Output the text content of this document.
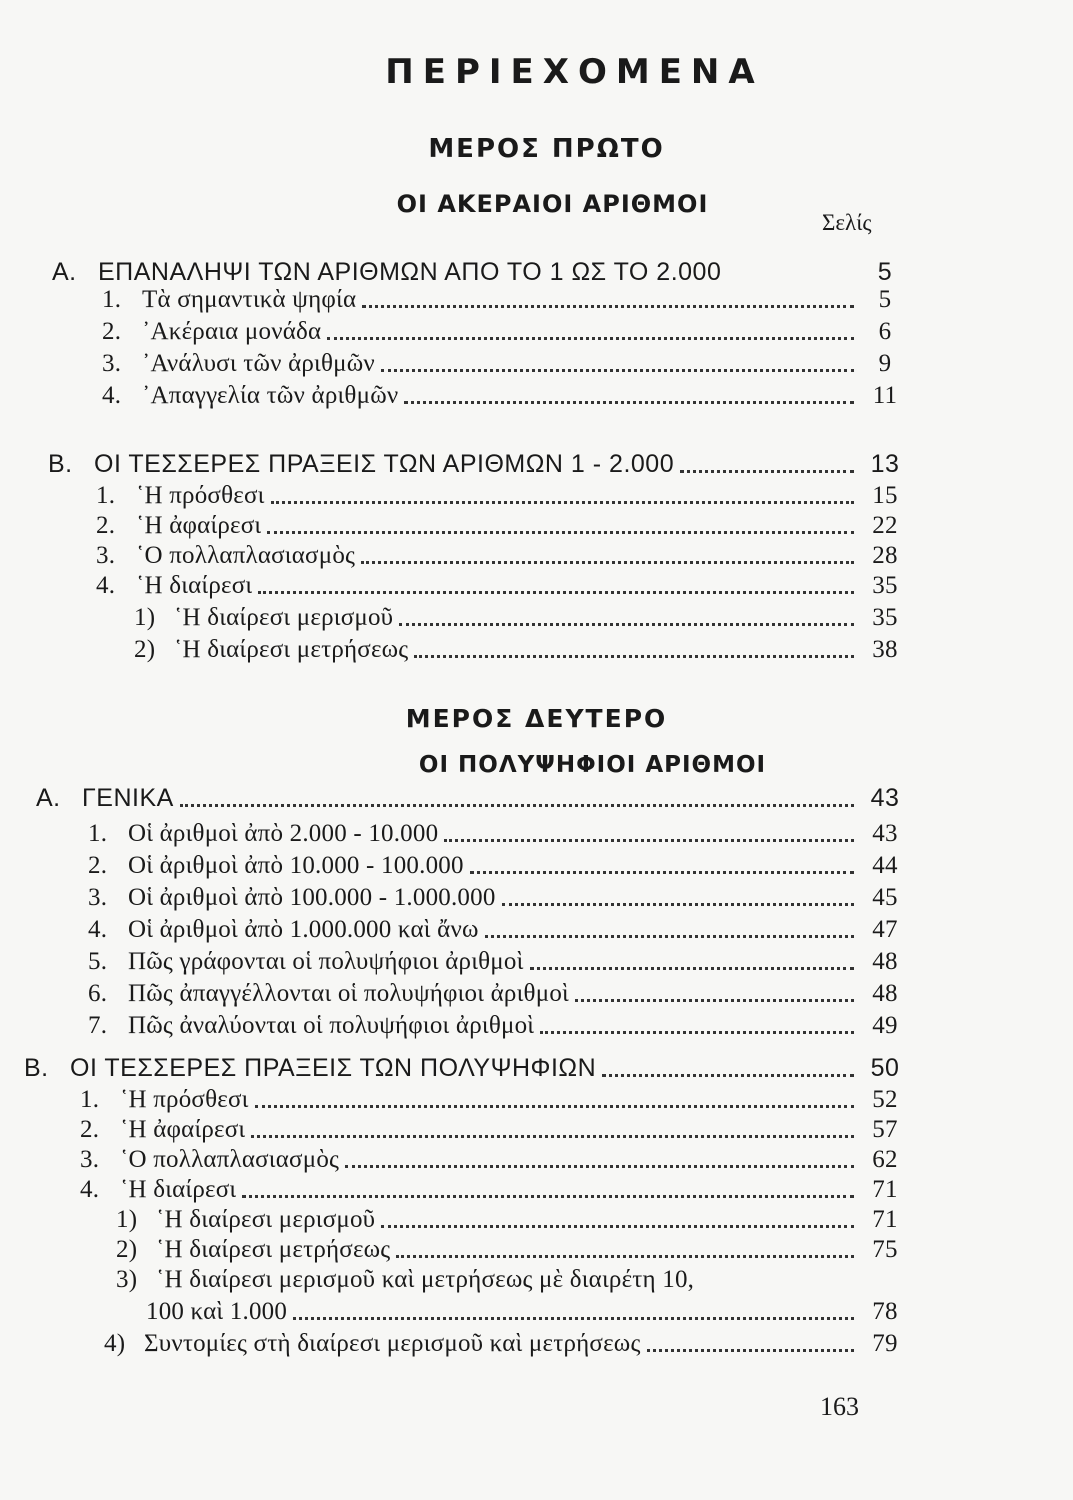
ΠΕΡΙΕΧΟΜΕΝΑ
ΜΕΡΟΣ ΠΡΩΤΟ
ΟΙ ΑΚΕΡΑΙΟΙ ΑΡΙΘΜΟΙ
Σελίς
Α. ΕΠΑΝΑΛΗΨΙ ΤΩΝ ΑΡΙΘΜΩΝ ΑΠΟ ΤΟ 1 ΩΣ ΤΟ 2.000	5
1. Τὰ σημαντικὰ ψηφία	5
2. ᾿Ακέραια μονάδα	6
3. ᾿Ανάλυσι τῶν ἀριθμῶν	9
4. ᾿Απαγγελία τῶν ἀριθμῶν	11
Β. ΟΙ ΤΕΣΣΕΡΕΣ ΠΡΑΞΕΙΣ ΤΩΝ ΑΡΙΘΜΩΝ 1 - 2.000	13
1. ῾Η πρόσθεσι	15
2. ῾Η ἀφαίρεσι	22
3. ῾Ο πολλαπλασιασμὸς	28
4. ῾Η διαίρεσι	35
1) ῾Η διαίρεσι μερισμοῦ	35
2) ῾Η διαίρεσι μετρήσεως	38
ΜΕΡΟΣ ΔΕΥΤΕΡΟ
ΟΙ ΠΟΛΥΨΗΦΙΟΙ ΑΡΙΘΜΟΙ
Α. ΓΕΝΙΚΑ	43
1. Οἱ ἀριθμοὶ ἀπὸ 2.000 - 10.000	43
2. Οἱ ἀριθμοὶ ἀπὸ 10.000 - 100.000	44
3. Οἱ ἀριθμοὶ ἀπὸ 100.000 - 1.000.000	45
4. Οἱ ἀριθμοὶ ἀπὸ 1.000.000 καὶ ἄνω	47
5. Πῶς γράφονται οἱ πολυψήφιοι ἀριθμοὶ	48
6. Πῶς ἀπαγγέλλονται οἱ πολυψήφιοι ἀριθμοὶ	48
7. Πῶς ἀναλύονται οἱ πολυψήφιοι ἀριθμοὶ	49
Β. ΟΙ ΤΕΣΣΕΡΕΣ ΠΡΑΞΕΙΣ ΤΩΝ ΠΟΛΥΨΗΦΙΩΝ	50
1. ῾Η πρόσθεσι	52
2. ῾Η ἀφαίρεσι	57
3. ῾Ο πολλαπλασιασμὸς	62
4. ῾Η διαίρεσι	71
1) ῾Η διαίρεσι μερισμοῦ	71
2) ῾Η διαίρεσι μετρήσεως	75
3) ῾Η διαίρεσι μερισμοῦ καὶ μετρήσεως μὲ διαιρέτη 10,
100 καὶ 1.000	78
4) Συντομίες στὴ διαίρεσι μερισμοῦ καὶ μετρήσεως	79
163
